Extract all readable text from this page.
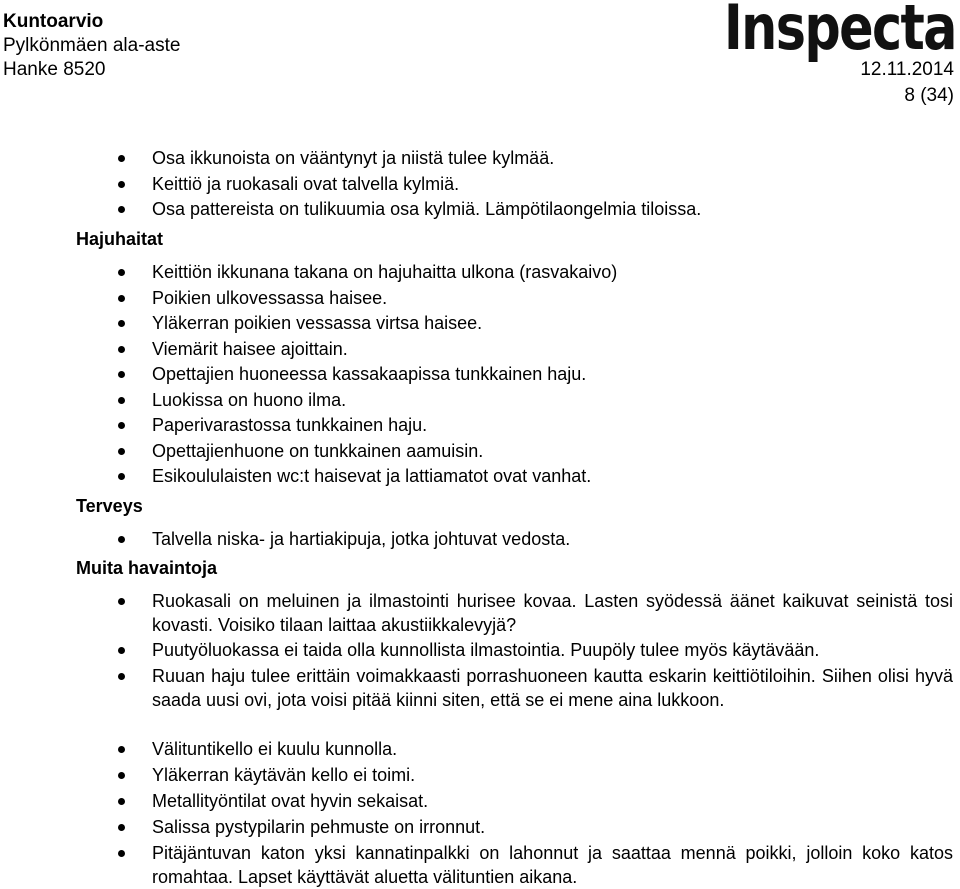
Kuntoarvio
Pylkönmäen ala-aste
Hanke 8520
Inspecta
12.11.2014
8 (34)
Osa ikkunoista on vääntynyt ja niistä tulee kylmää.
Keittiö ja ruokasali ovat talvella kylmiä.
Osa pattereista on tulikuumia osa kylmiä. Lämpötilaongelmia tiloissa.
Hajuhaitat
Keittiön ikkunana takana on hajuhaitta ulkona (rasvakaivo)
Poikien ulkovessassa haisee.
Yläkerran poikien vessassa virtsa haisee.
Viemärit haisee ajoittain.
Opettajien huoneessa kassakaapissa tunkkainen haju.
Luokissa on huono ilma.
Paperivarastossa tunkkainen haju.
Opettajienhuone on tunkkainen aamuisin.
Esikoululaisten wc:t haisevat ja lattiamatot ovat vanhat.
Terveys
Talvella niska- ja hartiakipuja, jotka johtuvat vedosta.
Muita havaintoja
Ruokasali on meluinen ja ilmastointi hurisee kovaa. Lasten syödessä äänet kaikuvat seinistä tosi kovasti. Voisiko tilaan laittaa akustiikkalevyjä?
Puutyöluokassa ei taida olla kunnollista ilmastointia. Puupöly tulee myös käytävään.
Ruuan haju tulee erittäin voimakkaasti porrashuoneen kautta eskarin keittiötiloihin. Siihen olisi hyvä saada uusi ovi, jota voisi pitää kiinni siten, että se ei mene aina lukkoon.
Välituntikello ei kuulu kunnolla.
Yläkerran käytävän kello ei toimi.
Metallityöntilat ovat hyvin sekaisat.
Salissa pystypilarin pehmuste on irronnut.
Pitäjäntuvan katon yksi kannatinpalkki on lahonnut ja saattaa mennä poikki, jolloin koko katos romahtaa. Lapset käyttävät aluetta välituntien aikana.
